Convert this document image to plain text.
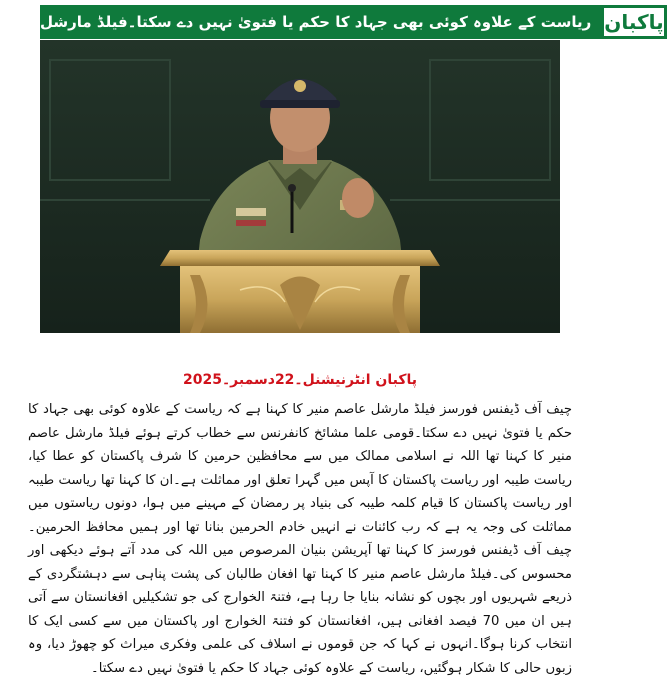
ریاست کے علاوہ کوئی بھی جہاد کا حکم یا فتویٰ نہیں دے سکتا۔فیلڈ مارشل پاکبان
پاکبان انٹرنیشنل۔22دسمبر۔2025

چیف آف ڈیفنس فورسز فیلڈ مارشل عاصم منیر کا کہنا ہے کہ ریاست کے علاوہ کوئی بھی جہاد کا حکم یا فتویٰ نہیں دے سکتا۔قومی علما مشائخ کانفرنس سے خطاب کرتے ہوئے فیلڈ مارشل عاصم منیر کا کہنا تھا اللہ نے اسلامی ممالک میں سے محافظین حرمین کا شرف پاکستان کو عطا کیا، ریاست طیبہ اور ریاست پاکستان کا آپس میں گہرا تعلق اور مماثلت ہے۔ان کا کہنا تھا ریاست طیبہ اور ریاست پاکستان کا قیام کلمہ طیبہ کی بنیاد پر رمضان کے مہینے میں ہوا، دونوں ریاستوں میں مماثلت کی وجہ یہ ہے کہ رب کائنات نے انہیں خادم الحرمین بنانا تھا اور ہمیں محافظ الحرمین۔ چیف آف ڈیفنس فورسز کا کہنا تھا آپریشن بنیان المرصوص میں اللہ کی مدد آتے ہوئے دیکھی اور محسوس کی۔فیلڈ مارشل عاصم منیر کا کہنا تھا افغان طالبان کی پشت پناہی سے دہشتگردی کے ذریعے شہریوں اور بچوں کو نشانہ بنایا جا رہا ہے، فتنۃ الخوارج کی جو تشکیلیں افغانستان سے آتی ہیں ان میں 70 فیصد افغانی ہیں، افغانستان کو فتنۃ الخوارج اور پاکستان میں سے کسی ایک کا انتخاب کرنا ہوگا۔انہوں نے کہا کہ جن قوموں نے اسلاف کی علمی وفکری میراث کو چھوڑ دیا، وہ زبوں حالی کا شکار ہوگئیں، ریاست کے علاوہ کوئی جہاد کا حکم یا فتویٰ نہیں دے سکتا۔
